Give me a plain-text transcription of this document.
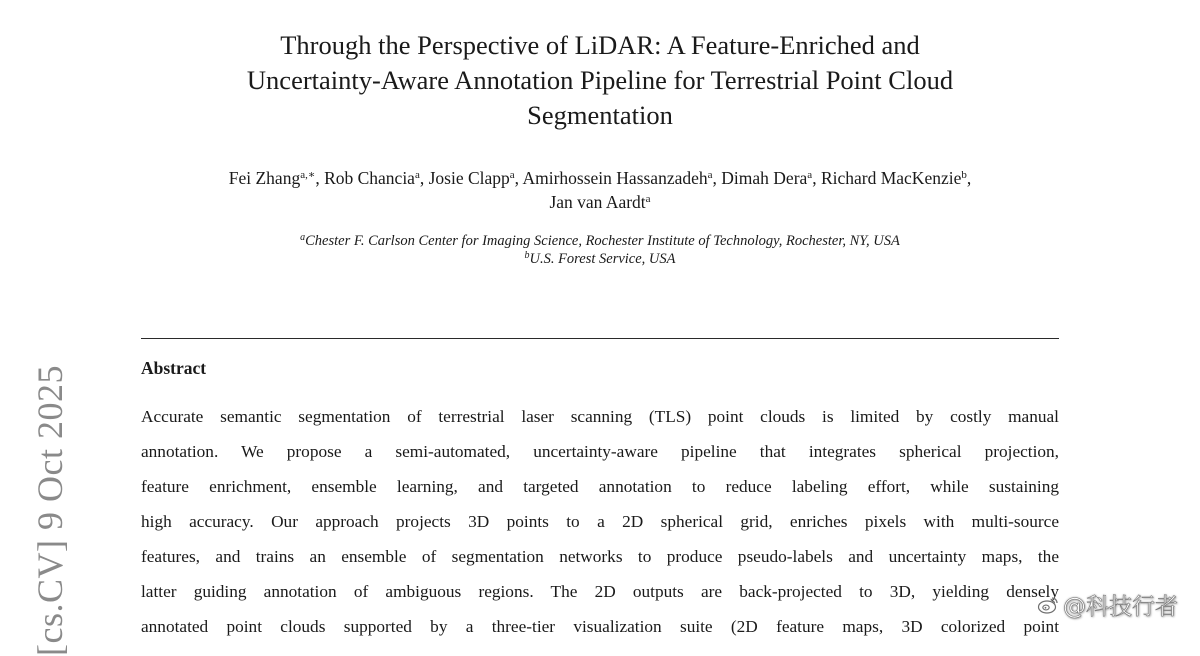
Through the Perspective of LiDAR: A Feature-Enriched and
Uncertainty-Aware Annotation Pipeline for Terrestrial Point Cloud
Segmentation
Fei Zhang$^{a,∗}$, Rob Chancia$^a$, Josie Clapp$^a$, Amirhossein Hassanzadeh$^a$, Dimah Dera$^a$, Richard MacKenzie$^b$,
Jan van Aardt$^a$
$^a$Chester F. Carlson Center for Imaging Science, Rochester Institute of Technology, Rochester, NY, USA
$^b$U.S. Forest Service, USA
Abstract
Accurate semantic segmentation of terrestrial laser scanning (TLS) point clouds is limited by costly manual
annotation. We propose a semi-automated, uncertainty-aware pipeline that integrates spherical projection,
feature enrichment, ensemble learning, and targeted annotation to reduce labeling effort, while sustaining
high accuracy. Our approach projects 3D points to a 2D spherical grid, enriches pixels with multi-source
features, and trains an ensemble of segmentation networks to produce pseudo-labels and uncertainty maps, the
latter guiding annotation of ambiguous regions. The 2D outputs are back-projected to 3D, yielding densely
annotated point clouds supported by a three-tier visualization suite (2D feature maps, 3D colorized point
[cs.CV] 9 Oct 2025	@科技行者
